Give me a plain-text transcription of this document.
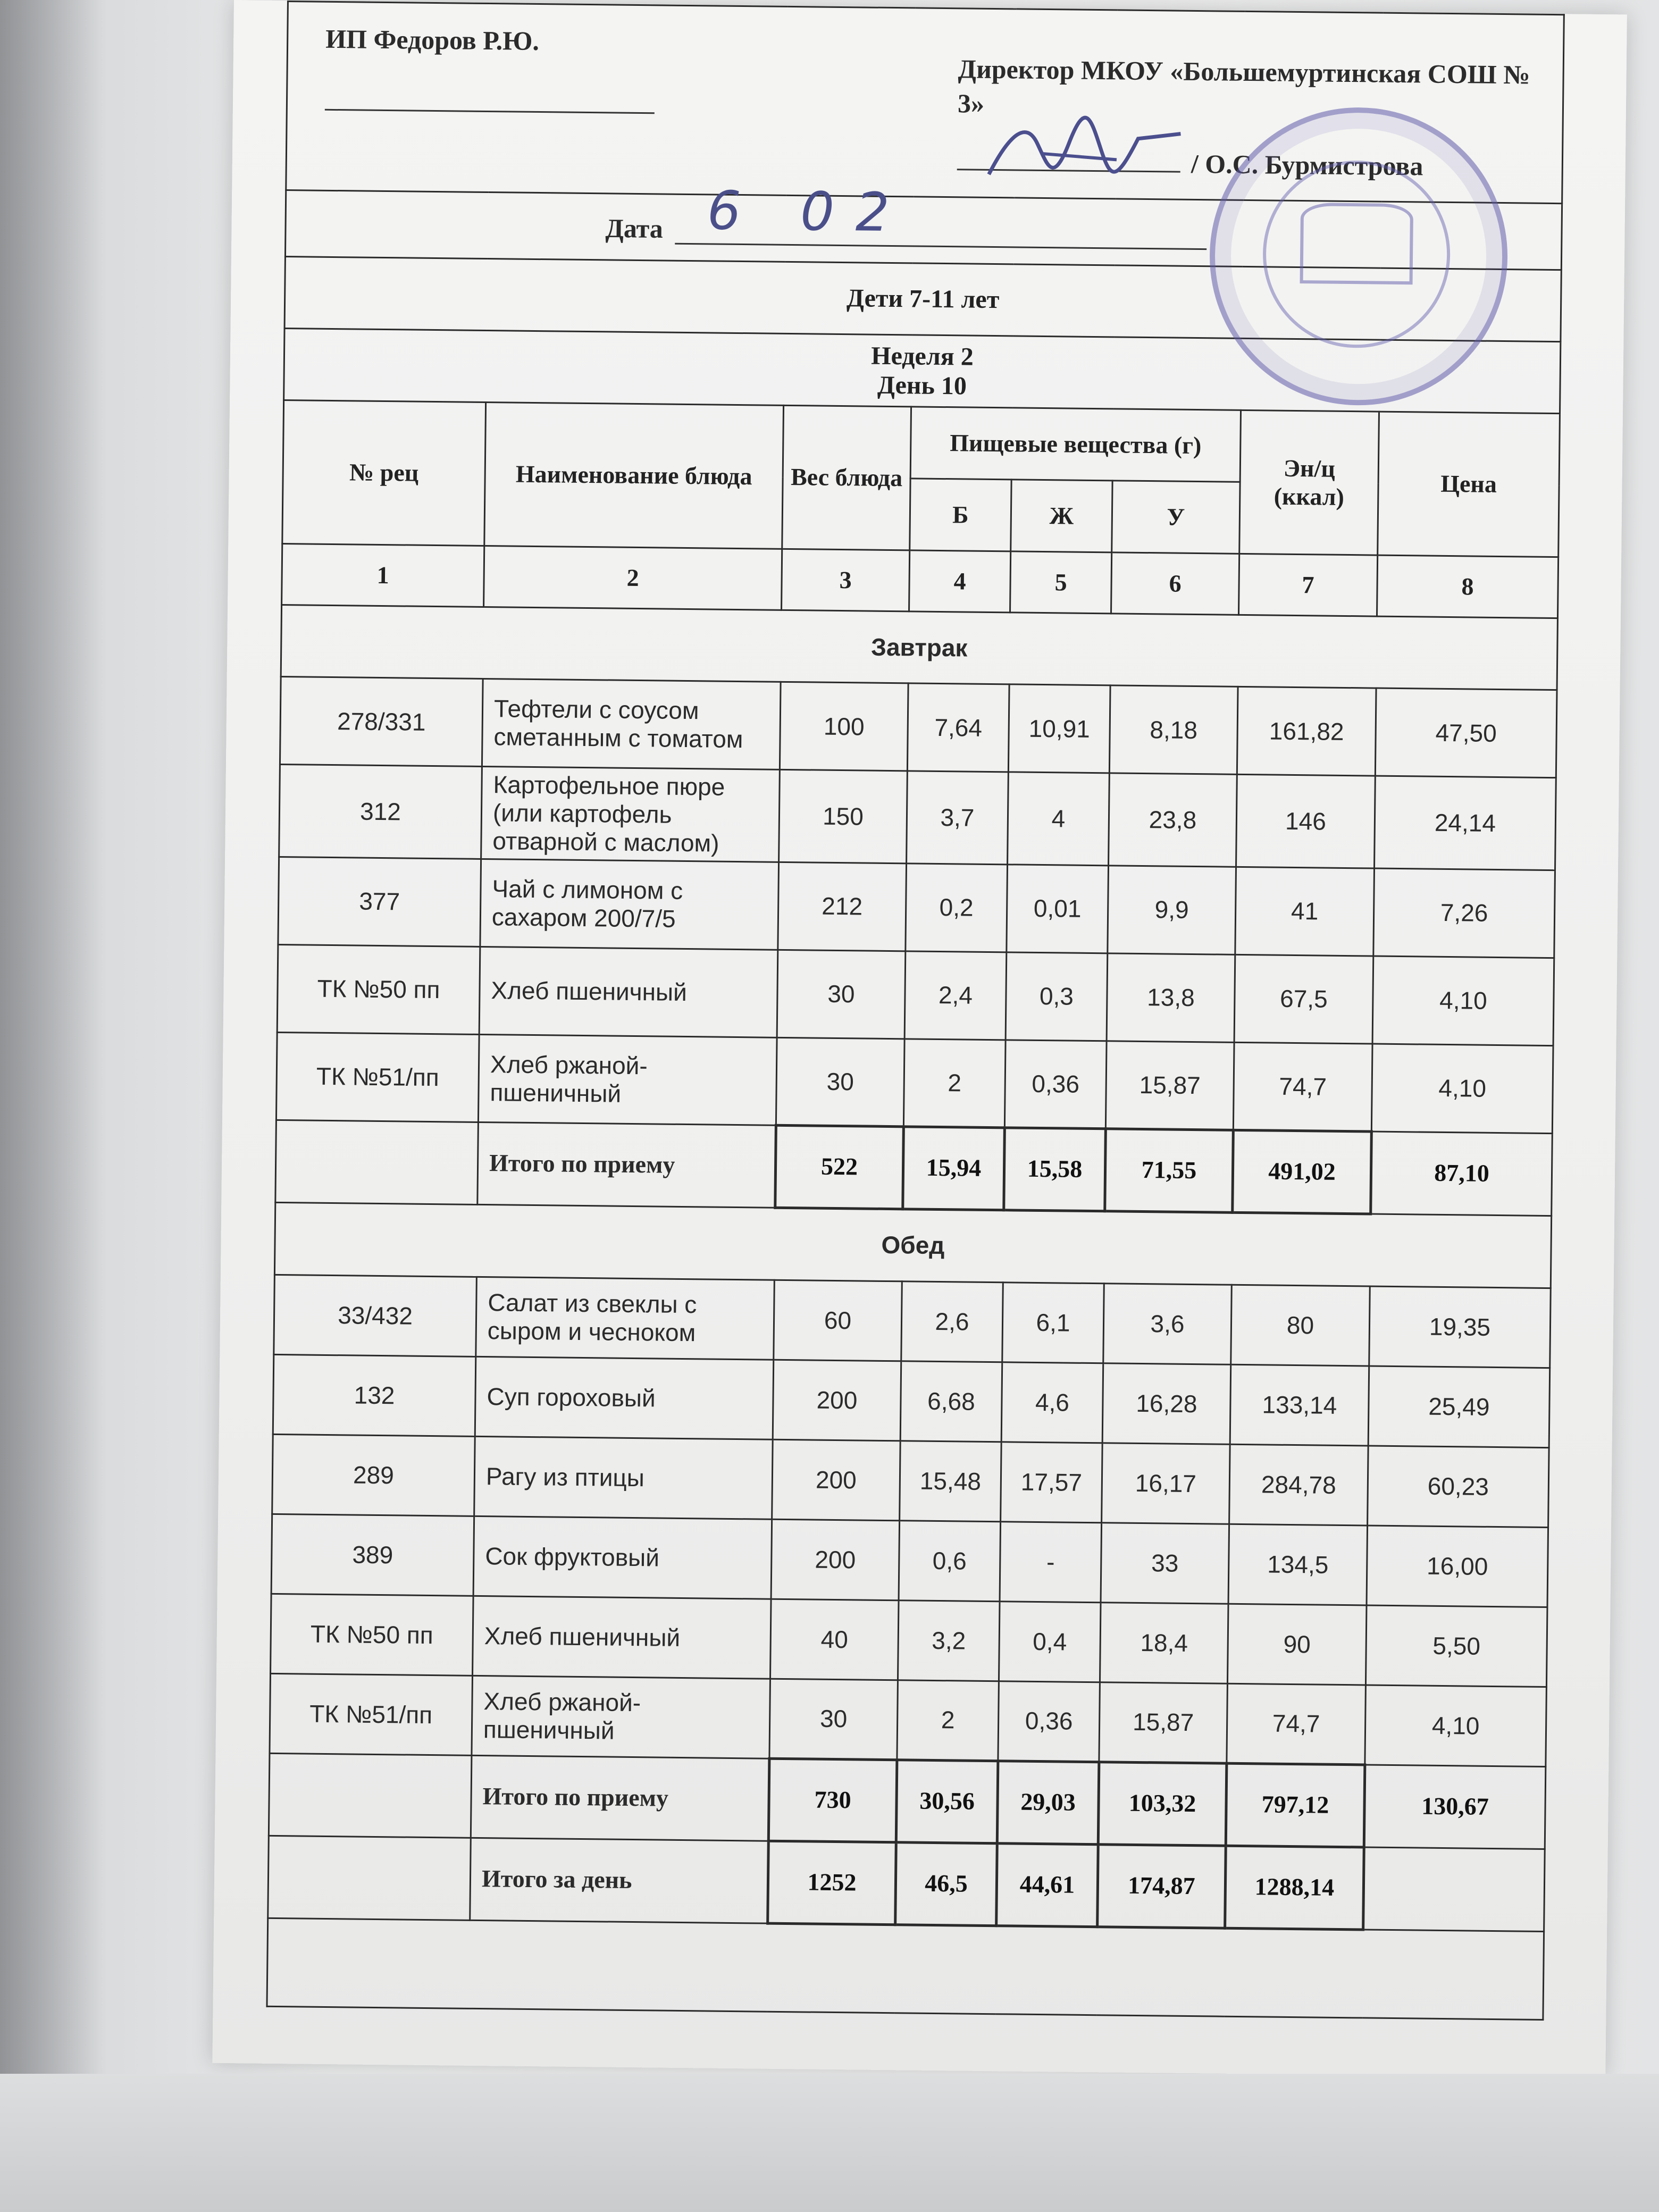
ИП Федоров Р.Ю.
Директор МКОУ «Большемуртинская СОШ № 3»
/ О.С. Бурмистрова							

Дата 6 02							

Дети 7-11 лет							

Неделя 2
День 10							

№ рец	Наименование блюда	Вес блюда	Пищевые вещества (г)			Эн/ц (ккал)	Цена
			Б	Ж	У		
1	2	3	4	5	6	7	8
Завтрак							
278/331	Тефтели с соусом сметанным с томатом	100	7,64	10,91	8,18	161,82	47,50
312	Картофельное пюре (или картофель отварной с маслом)	150	3,7	4	23,8	146	24,14
377	Чай с лимоном с сахаром 200/7/5	212	0,2	0,01	9,9	41	7,26
ТК №50 пп	Хлеб пшеничный	30	2,4	0,3	13,8	67,5	4,10
ТК №51/пп	Хлеб ржаной-пшеничный	30	2	0,36	15,87	74,7	4,10
	Итого по приему	522	15,94	15,58	71,55	491,02	87,10
Обед							
33/432	Салат из свеклы с сыром и чесноком	60	2,6	6,1	3,6	80	19,35
132	Суп гороховый	200	6,68	4,6	16,28	133,14	25,49
289	Рагу из птицы	200	15,48	17,57	16,17	284,78	60,23
389	Сок фруктовый	200	0,6	-	33	134,5	16,00
ТК №50 пп	Хлеб пшеничный	40	3,2	0,4	18,4	90	5,50
ТК №51/пп	Хлеб ржаной-пшеничный	30	2	0,36	15,87	74,7	4,10
	Итого по приему	730	30,56	29,03	103,32	797,12	130,67
	Итого за день	1252	46,5	44,61	174,87	1288,14	
